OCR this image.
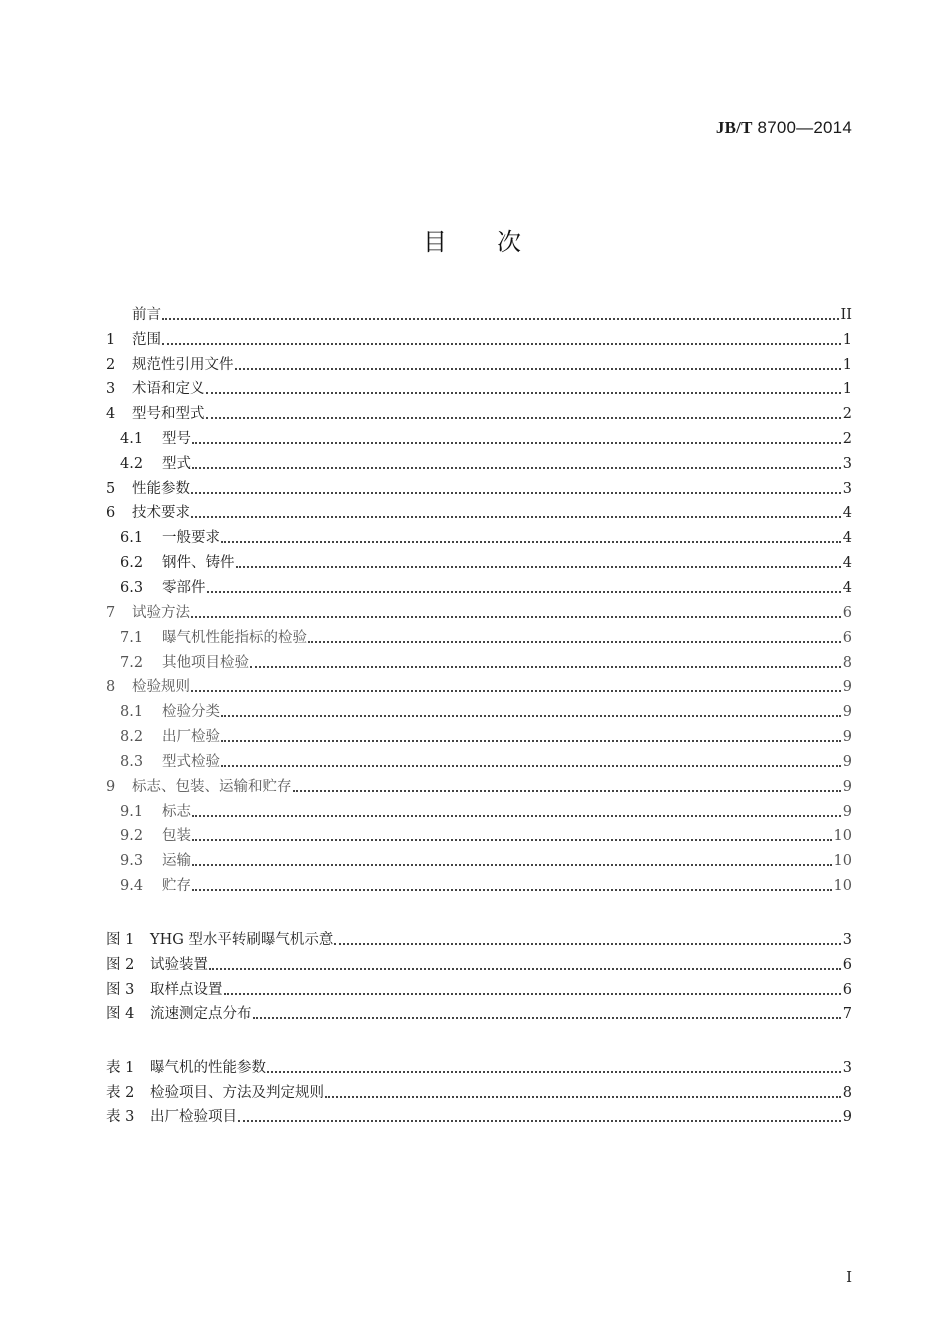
JB/T 8700—2014
目次
前言	II
1	范围	1
2	规范性引用文件	1
3	术语和定义	1
4	型号和型式	2
4.1	型号	2
4.2	型式	3
5	性能参数	3
6	技术要求	4
6.1	一般要求	4
6.2	钢件、铸件	4
6.3	零部件	4
7	试验方法	6
7.1	曝气机性能指标的检验	6
7.2	其他项目检验	8
8	检验规则	9
8.1	检验分类	9
8.2	出厂检验	9
8.3	型式检验	9
9	标志、包装、运输和贮存	9
9.1	标志	9
9.2	包装	10
9.3	运输	10
9.4	贮存	10
图 1	YHG 型水平转刷曝气机示意	3
图 2	试验装置	6
图 3	取样点设置	6
图 4	流速测定点分布	7
表 1	曝气机的性能参数	3
表 2	检验项目、方法及判定规则	8
表 3	出厂检验项目	9
I
